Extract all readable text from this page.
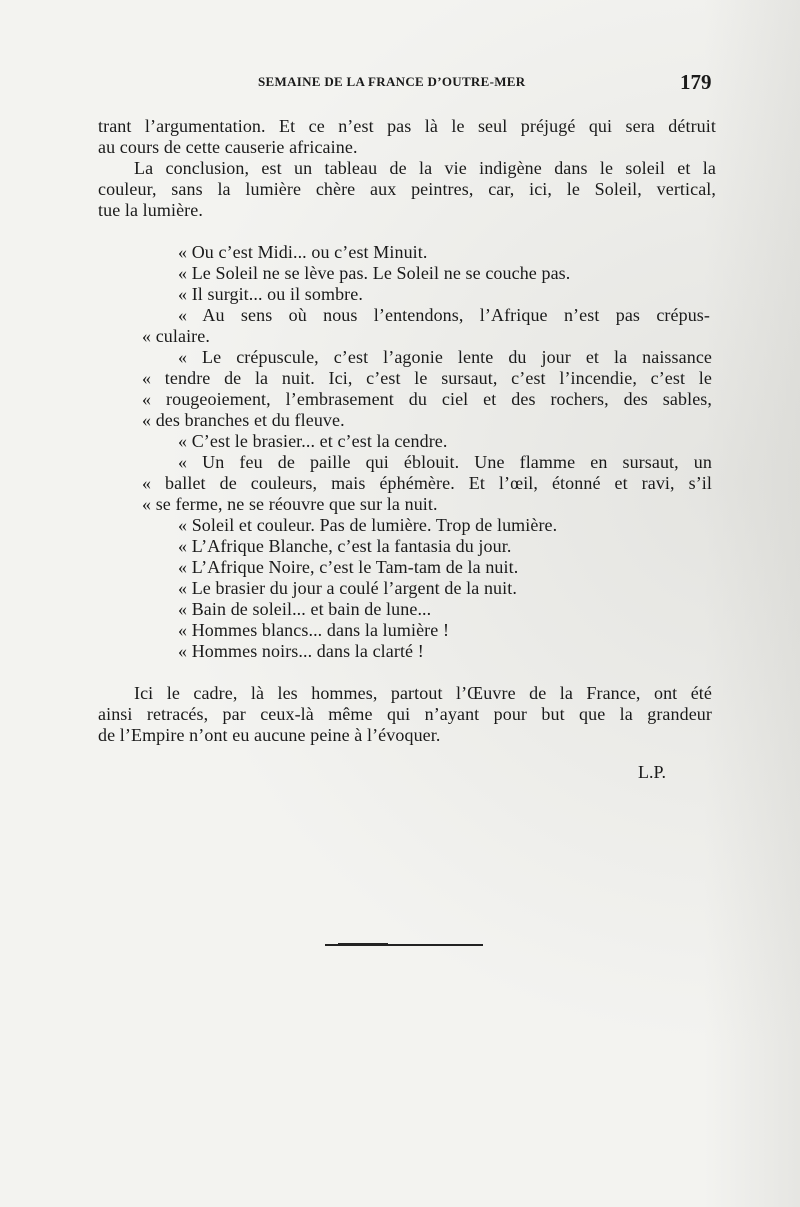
SEMAINE DE LA FRANCE D’OUTRE-MER	179
trant l’argumentation. Et ce n’est pas là le seul préjugé qui sera détruit
au cours de cette causerie africaine.
La conclusion, est un tableau de la vie indigène dans le soleil et la
couleur, sans la lumière chère aux peintres, car, ici, le Soleil, vertical,
tue la lumière.
« Ou c’est Midi... ou c’est Minuit.
« Le Soleil ne se lève pas. Le Soleil ne se couche pas.
« Il surgit... ou il sombre.
« Au sens où nous l’entendons, l’Afrique n’est pas crépus-
« culaire.
« Le crépuscule, c’est l’agonie lente du jour et la naissance
« tendre de la nuit. Ici, c’est le sursaut, c’est l’incendie, c’est le
« rougeoiement, l’embrasement du ciel et des rochers, des sables,
« des branches et du fleuve.
« C’est le brasier... et c’est la cendre.
« Un feu de paille qui éblouit. Une flamme en sursaut, un
« ballet de couleurs, mais éphémère. Et l’œil, étonné et ravi, s’il
« se ferme, ne se réouvre que sur la nuit.
« Soleil et couleur. Pas de lumière. Trop de lumière.
« L’Afrique Blanche, c’est la fantasia du jour.
« L’Afrique Noire, c’est le Tam-tam de la nuit.
« Le brasier du jour a coulé l’argent de la nuit.
« Bain de soleil... et bain de lune...
« Hommes blancs... dans la lumière !
« Hommes noirs... dans la clarté !
Ici le cadre, là les hommes, partout l’Œuvre de la France, ont été
ainsi retracés, par ceux-là même qui n’ayant pour but que la grandeur
de l’Empire n’ont eu aucune peine à l’évoquer.
L.P.
